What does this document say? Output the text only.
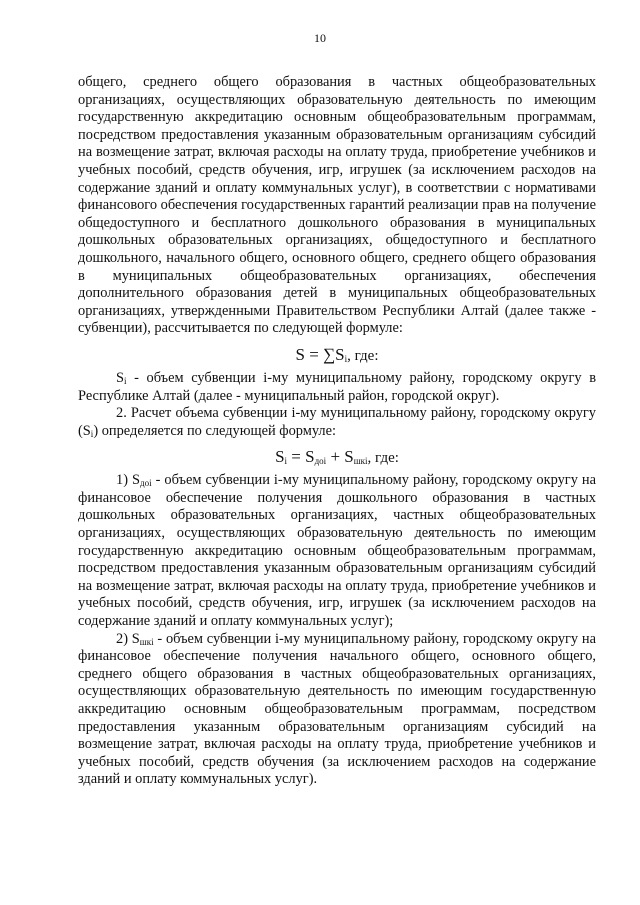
10

общего, среднего общего образования в частных общеобразовательных организациях, осуществляющих образовательную деятельность по имеющим государственную аккредитацию основным общеобразовательным программам, посредством предоставления указанным образовательным организациям субсидий на возмещение затрат, включая расходы на оплату труда, приобретение учебников и учебных пособий, средств обучения, игр, игрушек (за исключением расходов на содержание зданий и оплату коммунальных услуг), в соответствии с нормативами финансового обеспечения государственных гарантий реализации прав на получение общедоступного и бесплатного дошкольного образования в муниципальных дошкольных образовательных организациях, общедоступного и бесплатного дошкольного, начального общего, основного общего, среднего общего образования в муниципальных общеобразовательных организациях, обеспечения дополнительного образования детей в муниципальных общеобразовательных организациях, утвержденными Правительством Республики Алтай (далее также - субвенции), рассчитывается по следующей формуле:

$S = \sum S_i$, где:

$S_i$ - объем субвенции i-му муниципальному району, городскому округу в Республике Алтай (далее - муниципальный район, городской округ).

2. Расчет объема субвенции i-му муниципальному району, городскому округу $(S_i)$ определяется по следующей формуле:

$S_i = S_{доi} + S_{шкi}$, где:

1) $S_{доi}$ - объем субвенции i-му муниципальному району, городскому округу на финансовое обеспечение получения дошкольного образования в частных дошкольных образовательных организациях, частных общеобразовательных организациях, осуществляющих образовательную деятельность по имеющим государственную аккредитацию основным общеобразовательным программам, посредством предоставления указанным образовательным организациям субсидий на возмещение затрат, включая расходы на оплату труда, приобретение учебников и учебных пособий, средств обучения, игр, игрушек (за исключением расходов на содержание зданий и оплату коммунальных услуг);

2) $S_{шкi}$ - объем субвенции i-му муниципальному району, городскому округу на финансовое обеспечение получения начального общего, основного общего, среднего общего образования в частных общеобразовательных организациях, осуществляющих образовательную деятельность по имеющим государственную аккредитацию основным общеобразовательным программам, посредством предоставления указанным образовательным организациям субсидий на возмещение затрат, включая расходы на оплату труда, приобретение учебников и учебных пособий, средств обучения (за исключением расходов на содержание зданий и оплату коммунальных услуг).
